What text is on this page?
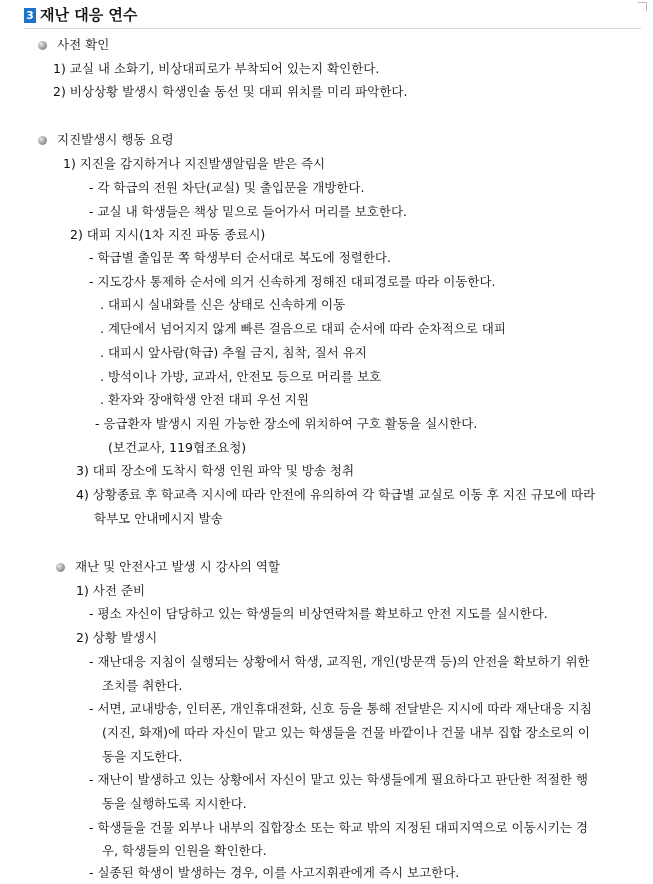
3 재난 대응 연수
사전 확인
1) 교실 내 소화기, 비상대피로가 부착되어 있는지 확인한다.
2) 비상상황 발생시 학생인솔 동선 및 대피 위치를 미리 파악한다.
지진발생시 행동 요령
1) 지진을 감지하거나 지진발생알림을 받은 즉시
- 각 학급의 전원 차단(교실) 및 출입문을 개방한다.
- 교실 내 학생들은 책상 밑으로 들어가서 머리를 보호한다.
2) 대피 지시(1차 지진 파동 종료시)
- 학급별 출입문 쪽 학생부터 순서대로 복도에 정렬한다.
- 지도강사 통제하 순서에 의거 신속하게 정해진 대피경로를 따라 이동한다.
. 대피시 실내화를 신은 상태로 신속하게 이동
. 계단에서 넘어지지 않게 빠른 걸음으로 대피 순서에 따라 순차적으로 대피
. 대피시 앞사람(학급) 추월 금지, 침착, 질서 유지
. 방석이나 가방, 교과서, 안전모 등으로 머리를 보호
. 환자와 장애학생 안전 대피 우선 지원
- 응급환자 발생시 지원 가능한 장소에 위치하여 구호 활동을 실시한다.
(보건교사, 119협조요청)
3) 대피 장소에 도착시 학생 인원 파악 및 방송 청취
4) 상황종료 후 학교측 지시에 따라 안전에 유의하여 각 학급별 교실로 이동 후 지진 규모에 따라
학부모 안내메시지 발송
재난 및 안전사고 발생 시 강사의 역할
1) 사전 준비
- 평소 자신이 담당하고 있는 학생들의 비상연락처를 확보하고 안전 지도를 실시한다.
2) 상황 발생시
- 재난대응 지침이 실행되는 상황에서 학생, 교직원, 개인(방문객 등)의 안전을 확보하기 위한
조치를 취한다.
- 서면, 교내방송, 인터폰, 개인휴대전화, 신호 등을 통해 전달받은 지시에 따라 재난대응 지침
(지진, 화재)에 따라 자신이 맡고 있는 학생들을 건물 바깥이나 건물 내부 집합 장소로의 이
동을 지도한다.
- 재난이 발생하고 있는 상황에서 자신이 맡고 있는 학생들에게 필요하다고 판단한 적절한 행
동을 실행하도록 지시한다.
- 학생들을 건물 외부나 내부의 집합장소 또는 학교 밖의 지정된 대피지역으로 이동시키는 경
우, 학생들의 인원을 확인한다.
- 실종된 학생이 발생하는 경우, 이를 사고지휘관에게 즉시 보고한다.
